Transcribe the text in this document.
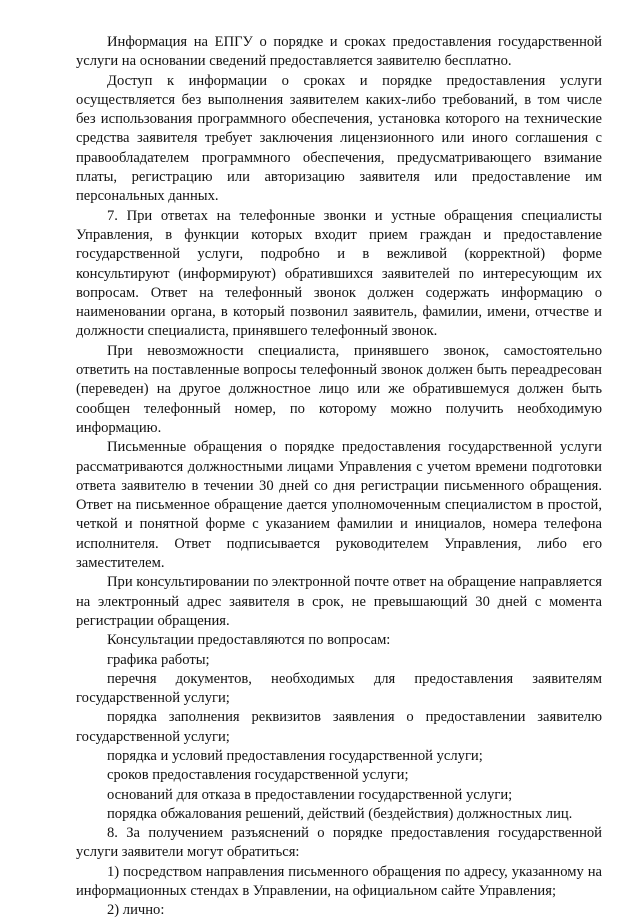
Информация на ЕПГУ о порядке и сроках предоставления государственной услуги на основании сведений предоставляется заявителю бесплатно.

Доступ к информации о сроках и порядке предоставления услуги осуществляется без выполнения заявителем каких-либо требований, в том числе без использования программного обеспечения, установка которого на технические средства заявителя требует заключения лицензионного или иного соглашения с правообладателем программного обеспечения, предусматривающего взимание платы, регистрацию или авторизацию заявителя или предоставление им персональных данных.

7. При ответах на телефонные звонки и устные обращения специалисты Управления, в функции которых входит прием граждан и предоставление государственной услуги, подробно и в вежливой (корректной) форме консультируют (информируют) обратившихся заявителей по интересующим их вопросам. Ответ на телефонный звонок должен содержать информацию о наименовании органа, в который позвонил заявитель, фамилии, имени, отчестве и должности специалиста, принявшего телефонный звонок.

При невозможности специалиста, принявшего звонок, самостоятельно ответить на поставленные вопросы телефонный звонок должен быть переадресован (переведен) на другое должностное лицо или же обратившемуся должен быть сообщен телефонный номер, по которому можно получить необходимую информацию.

Письменные обращения о порядке предоставления государственной услуги рассматриваются должностными лицами Управления с учетом времени подготовки ответа заявителю в течении 30 дней со дня регистрации письменного обращения. Ответ на письменное обращение дается уполномоченным специалистом в простой, четкой и понятной форме с указанием фамилии и инициалов, номера телефона исполнителя. Ответ подписывается руководителем Управления, либо его заместителем.

При консультировании по электронной почте ответ на обращение направляется на электронный адрес заявителя в срок, не превышающий 30 дней с момента регистрации обращения.

Консультации предоставляются по вопросам:

графика работы;

перечня документов, необходимых для предоставления заявителям государственной услуги;

порядка заполнения реквизитов заявления о предоставлении заявителю государственной услуги;

порядка и условий предоставления государственной услуги;

сроков предоставления государственной услуги;

оснований для отказа в предоставлении государственной услуги;

порядка обжалования решений, действий (бездействия) должностных лиц.

8. За получением разъяснений о порядке предоставления государственной услуги заявители могут обратиться:

1) посредством направления письменного обращения по адресу, указанному на информационных стендах в Управлении, на официальном сайте Управления;

2) лично:
